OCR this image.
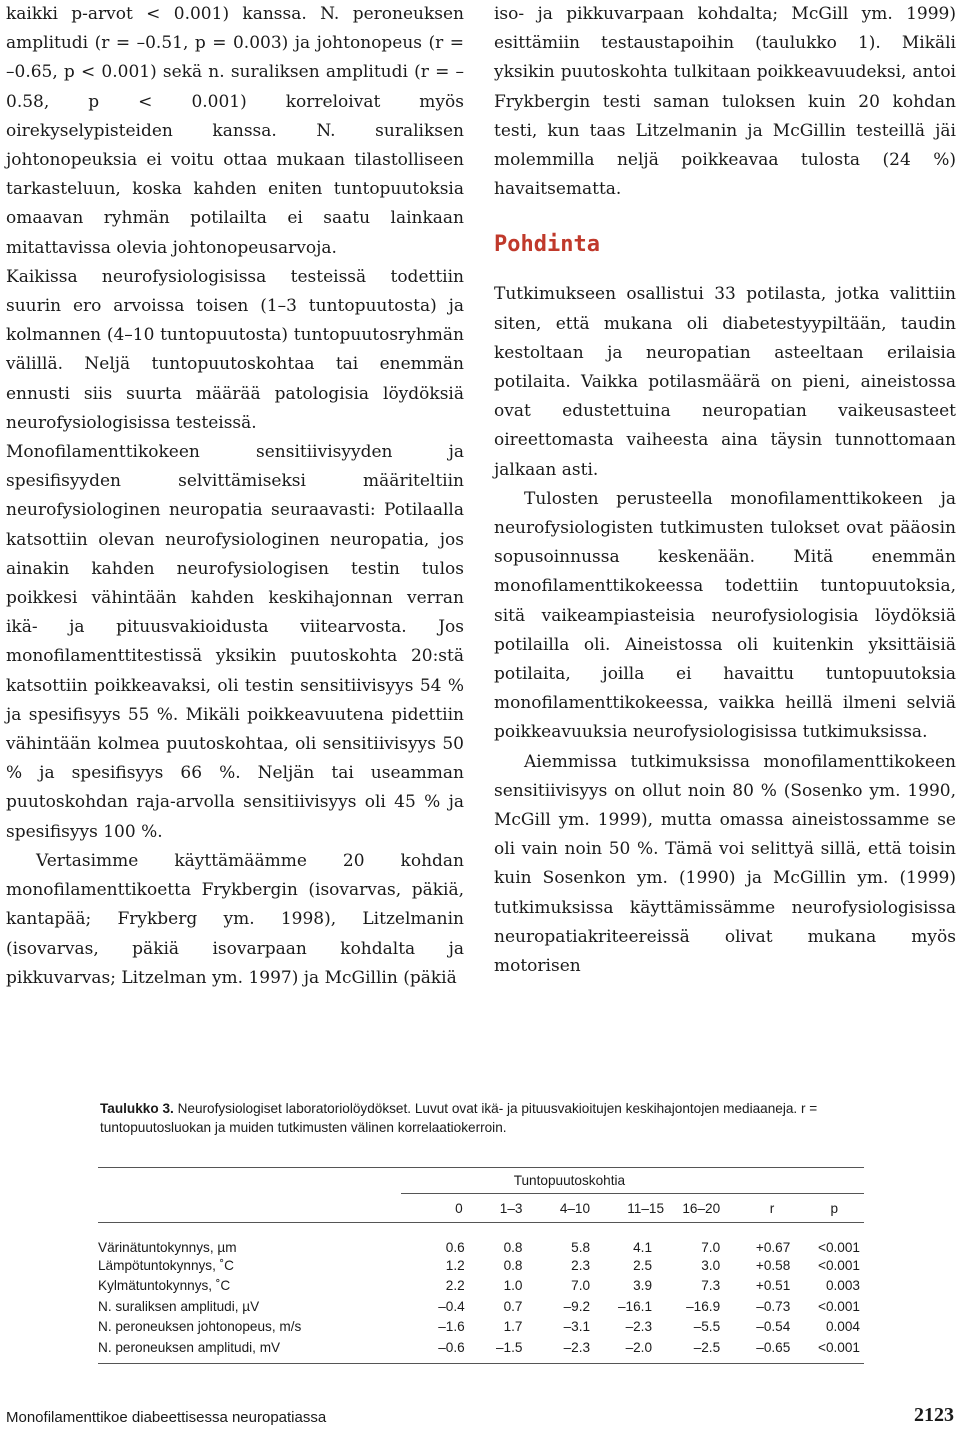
kaikki p-arvot < 0.001) kanssa. N. peroneuksen amplitudi (r = –0.51, p = 0.003) ja johtonopeus (r = –0.65, p < 0.001) sekä n. suraliksen amplitudi (r = –0.58, p < 0.001) korreloivat myös oirekyselypisteiden kanssa. N. suraliksen johtonopeuksia ei voitu ottaa mukaan tilastolliseen tarkasteluun, koska kahden eniten tuntopuutoksia omaavan ryhmän potilailta ei saatu lainkaan mitattavissa olevia johtonopeusarvoja.

Kaikissa neurofysiologisissa testeissä todettiin suurin ero arvoissa toisen (1–3 tuntopuutosta) ja kolmannen (4–10 tuntopuutosta) tuntopuutosryhmän välillä. Neljä tuntopuutoskohtaa tai enemmän ennusti siis suurta määrää patologisia löydöksiä neurofysiologisissa testeissä.

Monofilamenttikokeen sensitiivisyyden ja spesifisyyden selvittämiseksi määriteltiin neurofysiologinen neuropatia seuraavasti: Potilaalla katsottiin olevan neurofysiologinen neuropatia, jos ainakin kahden neurofysiologisen testin tulos poikkesi vähintään kahden keskihajonnan verran ikä- ja pituusvakioidusta viitearvosta. Jos monofilamenttitestissä yksikin puutoskohta 20:stä katsottiin poikkeavaksi, oli testin sensitiivisyys 54 % ja spesifisyys 55 %. Mikäli poikkeavuutena pidettiin vähintään kolmea puutoskohtaa, oli sensitiivisyys 50 % ja spesifisyys 66 %. Neljän tai useamman puutoskohdan raja-arvolla sensitiivisyys oli 45 % ja spesifisyys 100 %.

Vertasimme käyttämäämme 20 kohdan monofilamenttikoetta Frykbergin (isovarvas, päkiä, kantapää; Frykberg ym. 1998), Litzelmanin (isovarvas, päkiä isovarpaan kohdalta ja pikkuvarvas; Litzelman ym. 1997) ja McGillin (päkiä

iso- ja pikkuvarpaan kohdalta; McGill ym. 1999) esittämiin testaustapoihin (taulukko 1). Mikäli yksikin puutoskohta tulkitaan poikkeavuudeksi, antoi Frykbergin testi saman tuloksen kuin 20 kohdan testi, kun taas Litzelmanin ja McGillin testeillä jäi molemmilla neljä poikkeavaa tulosta (24 %) havaitsematta.

Pohdinta

Tutkimukseen osallistui 33 potilasta, jotka valittiin siten, että mukana oli diabetestyypiltään, taudin kestoltaan ja neuropatian asteeltaan erilaisia potilaita. Vaikka potilasmäärä on pieni, aineistossa ovat edustettuina neuropatian vaikeusasteet oireettomasta vaiheesta aina täysin tunnottomaan jalkaan asti.

Tulosten perusteella monofilamenttikokeen ja neurofysiologisten tutkimusten tulokset ovat pääosin sopusoinnussa keskenään. Mitä enemmän monofilamenttikokeessa todettiin tuntopuutoksia, sitä vaikeampiasteisia neurofysiologisia löydöksiä potilailla oli. Aineistossa oli kuitenkin yksittäisiä potilaita, joilla ei havaittu tuntopuutoksia monofilamenttikokeessa, vaikka heillä ilmeni selviä poikkeavuuksia neurofysiologisissa tutkimuksissa.

Aiemmissa tutkimuksissa monofilamenttikokeen sensitiivisyys on ollut noin 80 % (Sosenko ym. 1990, McGill ym. 1999), mutta omassa aineistossamme se oli vain noin 50 %. Tämä voi selittyä sillä, että toisin kuin Sosenkon ym. (1990) ja McGillin ym. (1999) tutkimuksissa käyttämissämme neurofysiologisissa neuropatiakriteereissä olivat mukana myös motorisen

Taulukko 3. Neurofysiologiset laboratoriolöydökset. Luvut ovat ikä- ja pituusvakioitujen keskihajontojen mediaaneja. r = tuntopuutosluokan ja muiden tutkimusten välinen korrelaatiokerroin.
	Tuntopuutoskohtia						
	0	1–3	4–10	11–15	16–20	r	p
Värinätuntokynnys, µm	0.6	0.8	5.8	4.1	7.0	+0.67	<0.001
Lämpötuntokynnys, ˚C	1.2	0.8	2.3	2.5	3.0	+0.58	<0.001
Kylmätuntokynnys, ˚C	2.2	1.0	7.0	3.9	7.3	+0.51	0.003
N. suraliksen amplitudi, µV	–0.4	0.7	–9.2	–16.1	–16.9	–0.73	<0.001
N. peroneuksen johtonopeus, m/s	–1.6	1.7	–3.1	–2.3	–5.5	–0.54	0.004
N. peroneuksen amplitudi, mV	–0.6	–1.5	–2.3	–2.0	–2.5	–0.65	<0.001
Monofilamenttikoe diabeettisessa neuropatiassa	2123
